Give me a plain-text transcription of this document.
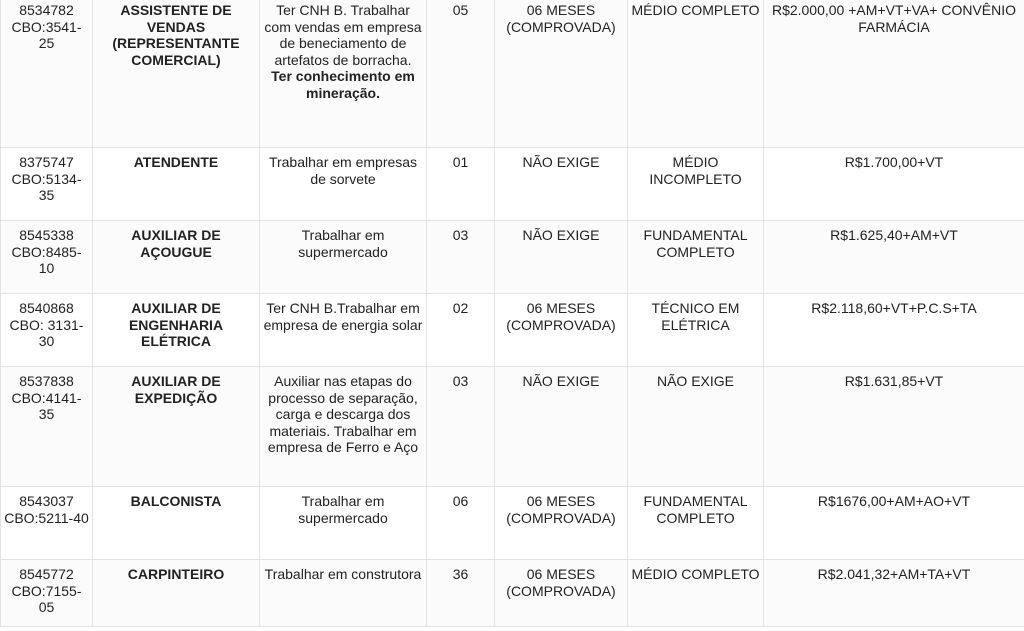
8534782 CBO:3541-25	ASSISTENTE DE VENDAS (REPRESENTANTE COMERCIAL)	Ter CNH B. Trabalhar com vendas em empresa de beneciamento de artefatos de borracha. Ter conhecimento em mineração.	05	06 MESES (COMPROVADA)	MÉDIO COMPLETO	R$2.000,00 +AM+VT+VA+ CONVÊNIO FARMÁCIA
8375747 CBO:5134-35	ATENDENTE	Trabalhar em empresas de sorvete	01	NÃO EXIGE	MÉDIO INCOMPLETO	R$1.700,00+VT
8545338 CBO:8485-10	AUXILIAR DE AÇOUGUE	Trabalhar em supermercado	03	NÃO EXIGE	FUNDAMENTAL COMPLETO	R$1.625,40+AM+VT
8540868 CBO: 3131-30	AUXILIAR DE ENGENHARIA ELÉTRICA	Ter CNH B.Trabalhar em empresa de energia solar	02	06 MESES (COMPROVADA)	TÉCNICO EM ELÉTRICA	R$2.118,60+VT+P.C.S+TA
8537838 CBO:4141-35	AUXILIAR DE EXPEDIÇÃO	Auxiliar nas etapas do processo de separação, carga e descarga dos materiais. Trabalhar em empresa de Ferro e Aço	03	NÃO EXIGE	NÃO EXIGE	R$1.631,85+VT
8543037 CBO:5211-40	BALCONISTA	Trabalhar em supermercado	06	06 MESES (COMPROVADA)	FUNDAMENTAL COMPLETO	R$1676,00+AM+AO+VT
8545772 CBO:7155-05	CARPINTEIRO	Trabalhar em construtora	36	06 MESES (COMPROVADA)	MÉDIO COMPLETO	R$2.041,32+AM+TA+VT
